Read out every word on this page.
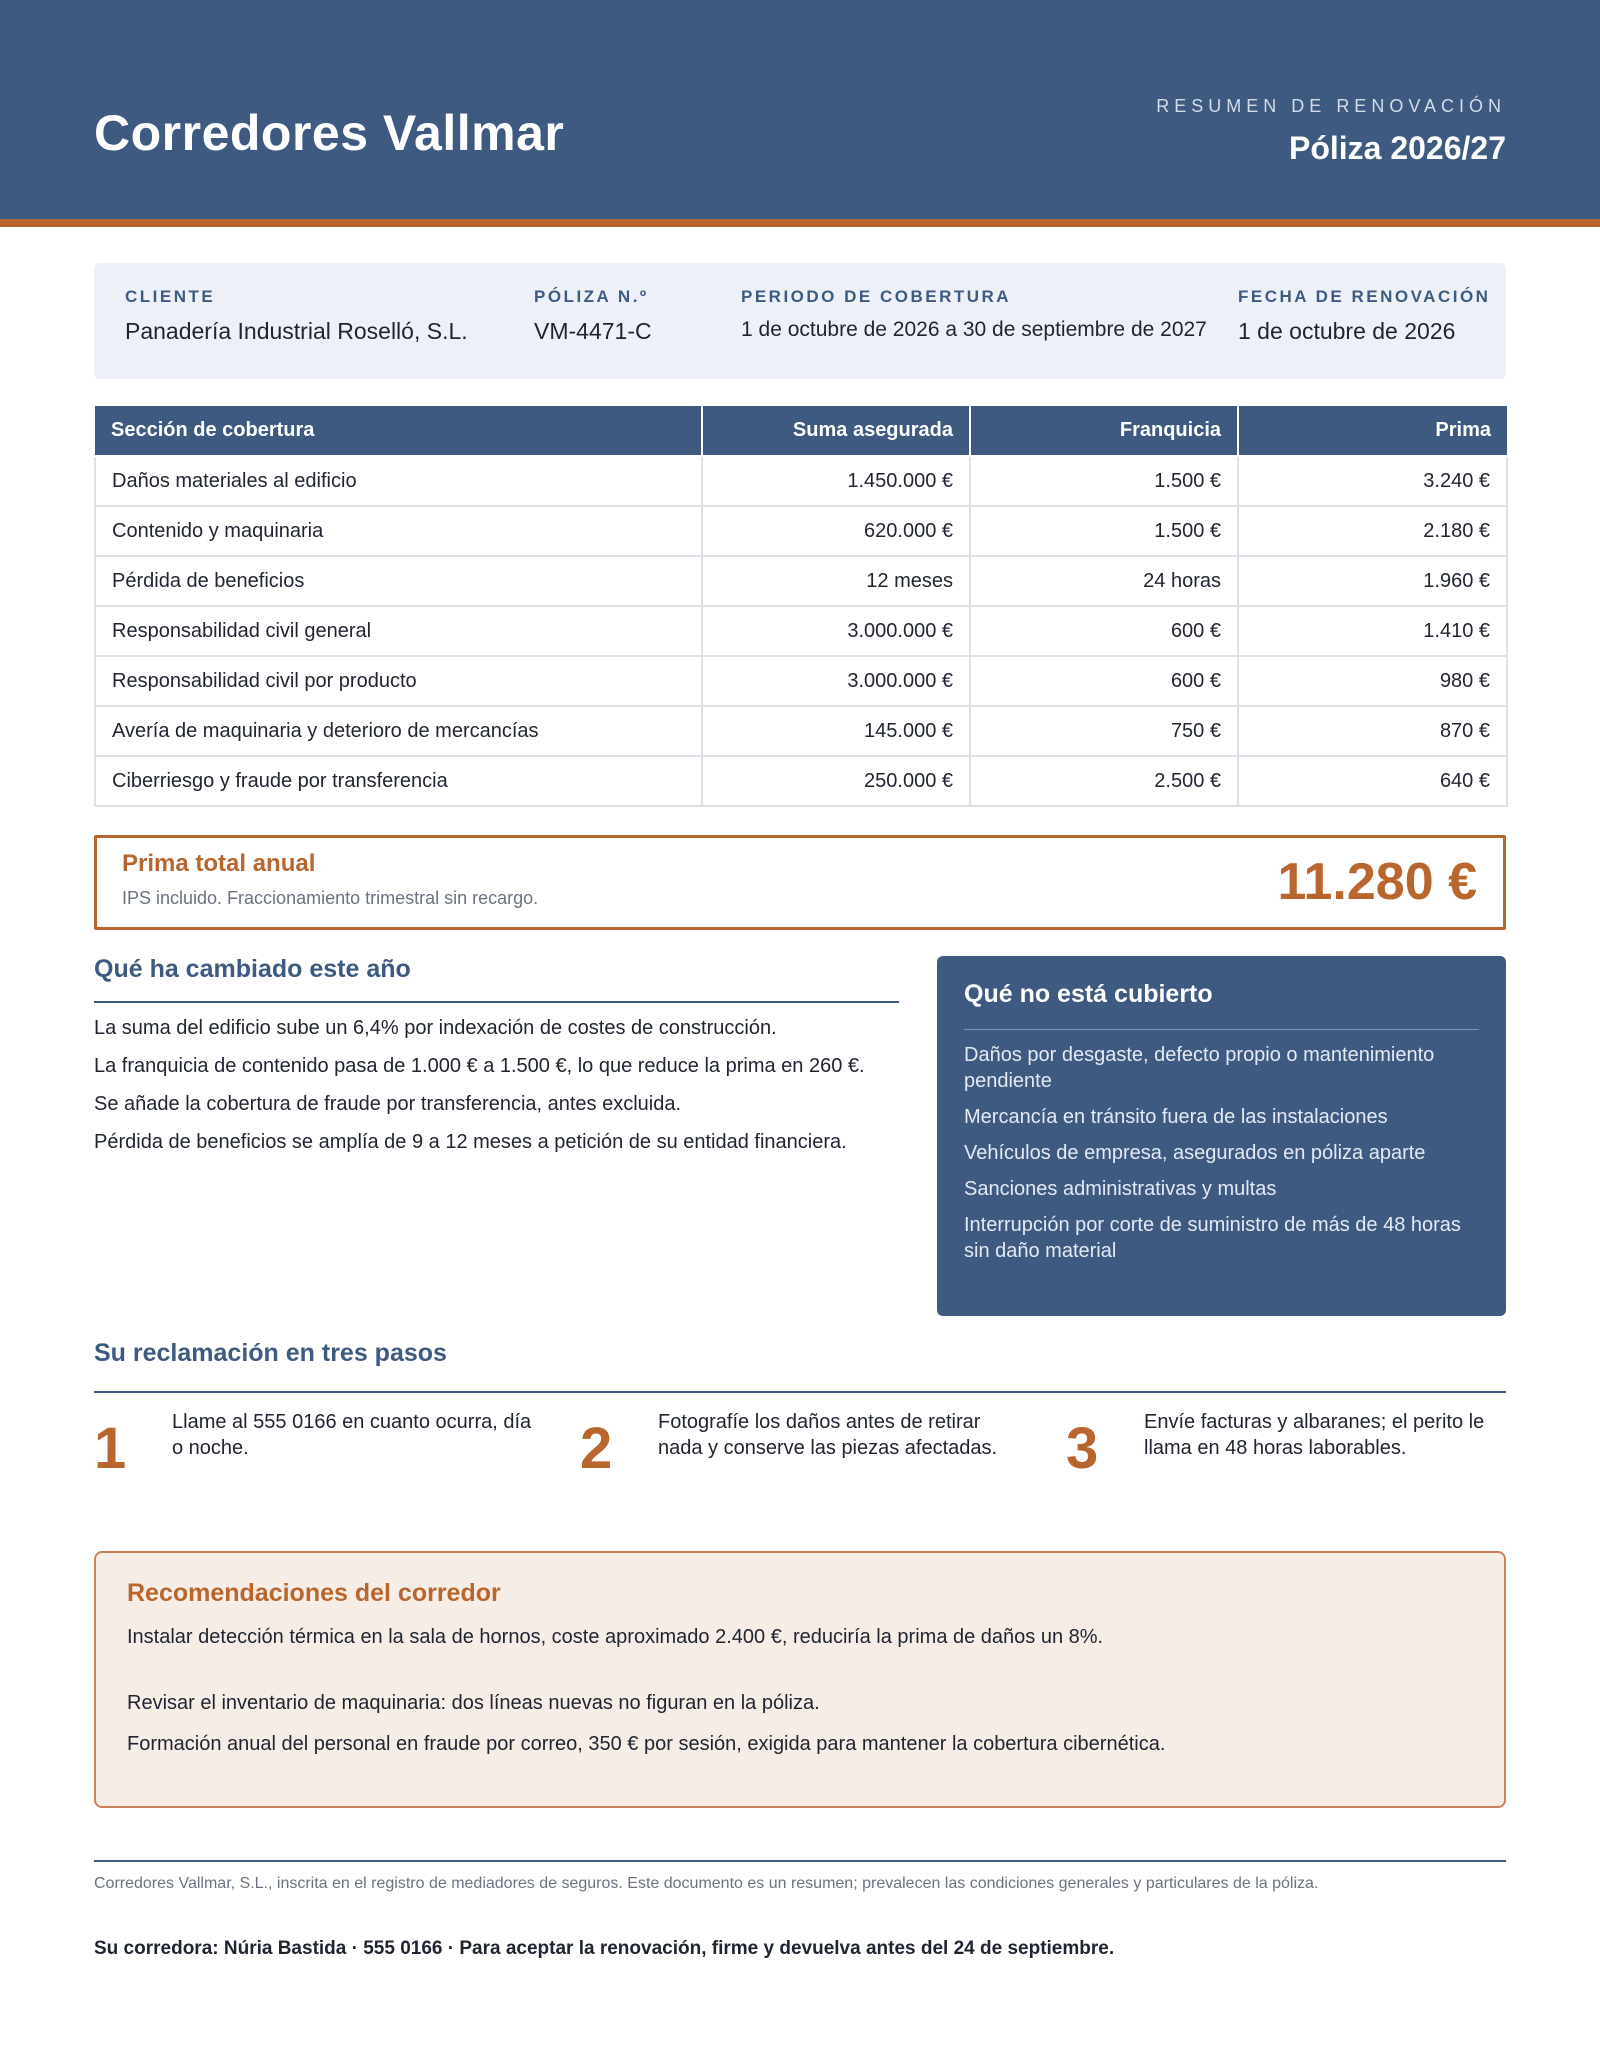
Corredores Vallmar	RESUMEN DE RENOVACIÓN
Póliza 2026/27
CLIENTE
Panadería Industrial Roselló, S.L.
PÓLIZA N.º
VM-4471-C
PERIODO DE COBERTURA
1 de octubre de 2026 a 30 de septiembre de 2027
FECHA DE RENOVACIÓN
1 de octubre de 2026
Sección de cobertura	Suma asegurada	Franquicia	Prima
Daños materiales al edificio	1.450.000 €	1.500 €	3.240 €
Contenido y maquinaria	620.000 €	1.500 €	2.180 €
Pérdida de beneficios	12 meses	24 horas	1.960 €
Responsabilidad civil general	3.000.000 €	600 €	1.410 €
Responsabilidad civil por producto	3.000.000 €	600 €	980 €
Avería de maquinaria y deterioro de mercancías	145.000 €	750 €	870 €
Ciberriesgo y fraude por transferencia	250.000 €	2.500 €	640 €
Prima total anual
IPS incluido. Fraccionamiento trimestral sin recargo.	11.280 €
Qué ha cambiado este año
La suma del edificio sube un 6,4% por indexación de costes de construcción.
La franquicia de contenido pasa de 1.000 € a 1.500 €, lo que reduce la prima en 260 €.
Se añade la cobertura de fraude por transferencia, antes excluida.
Pérdida de beneficios se amplía de 9 a 12 meses a petición de su entidad financiera.
Qué no está cubierto
Daños por desgaste, defecto propio o mantenimiento pendiente
Mercancía en tránsito fuera de las instalaciones
Vehículos de empresa, asegurados en póliza aparte
Sanciones administrativas y multas
Interrupción por corte de suministro de más de 48 horas sin daño material
Su reclamación en tres pasos
1 Llame al 555 0166 en cuanto ocurra, día o noche.	2 Fotografíe los daños antes de retirar nada y conserve las piezas afectadas.	3 Envíe facturas y albaranes; el perito le llama en 48 horas laborables.
Recomendaciones del corredor
Instalar detección térmica en la sala de hornos, coste aproximado 2.400 €, reduciría la prima de daños un 8%.
Revisar el inventario de maquinaria: dos líneas nuevas no figuran en la póliza.
Formación anual del personal en fraude por correo, 350 € por sesión, exigida para mantener la cobertura cibernética.
Corredores Vallmar, S.L., inscrita en el registro de mediadores de seguros. Este documento es un resumen; prevalecen las condiciones generales y particulares de la póliza.
Su corredora: Núria Bastida · 555 0166 · Para aceptar la renovación, firme y devuelva antes del 24 de septiembre.
